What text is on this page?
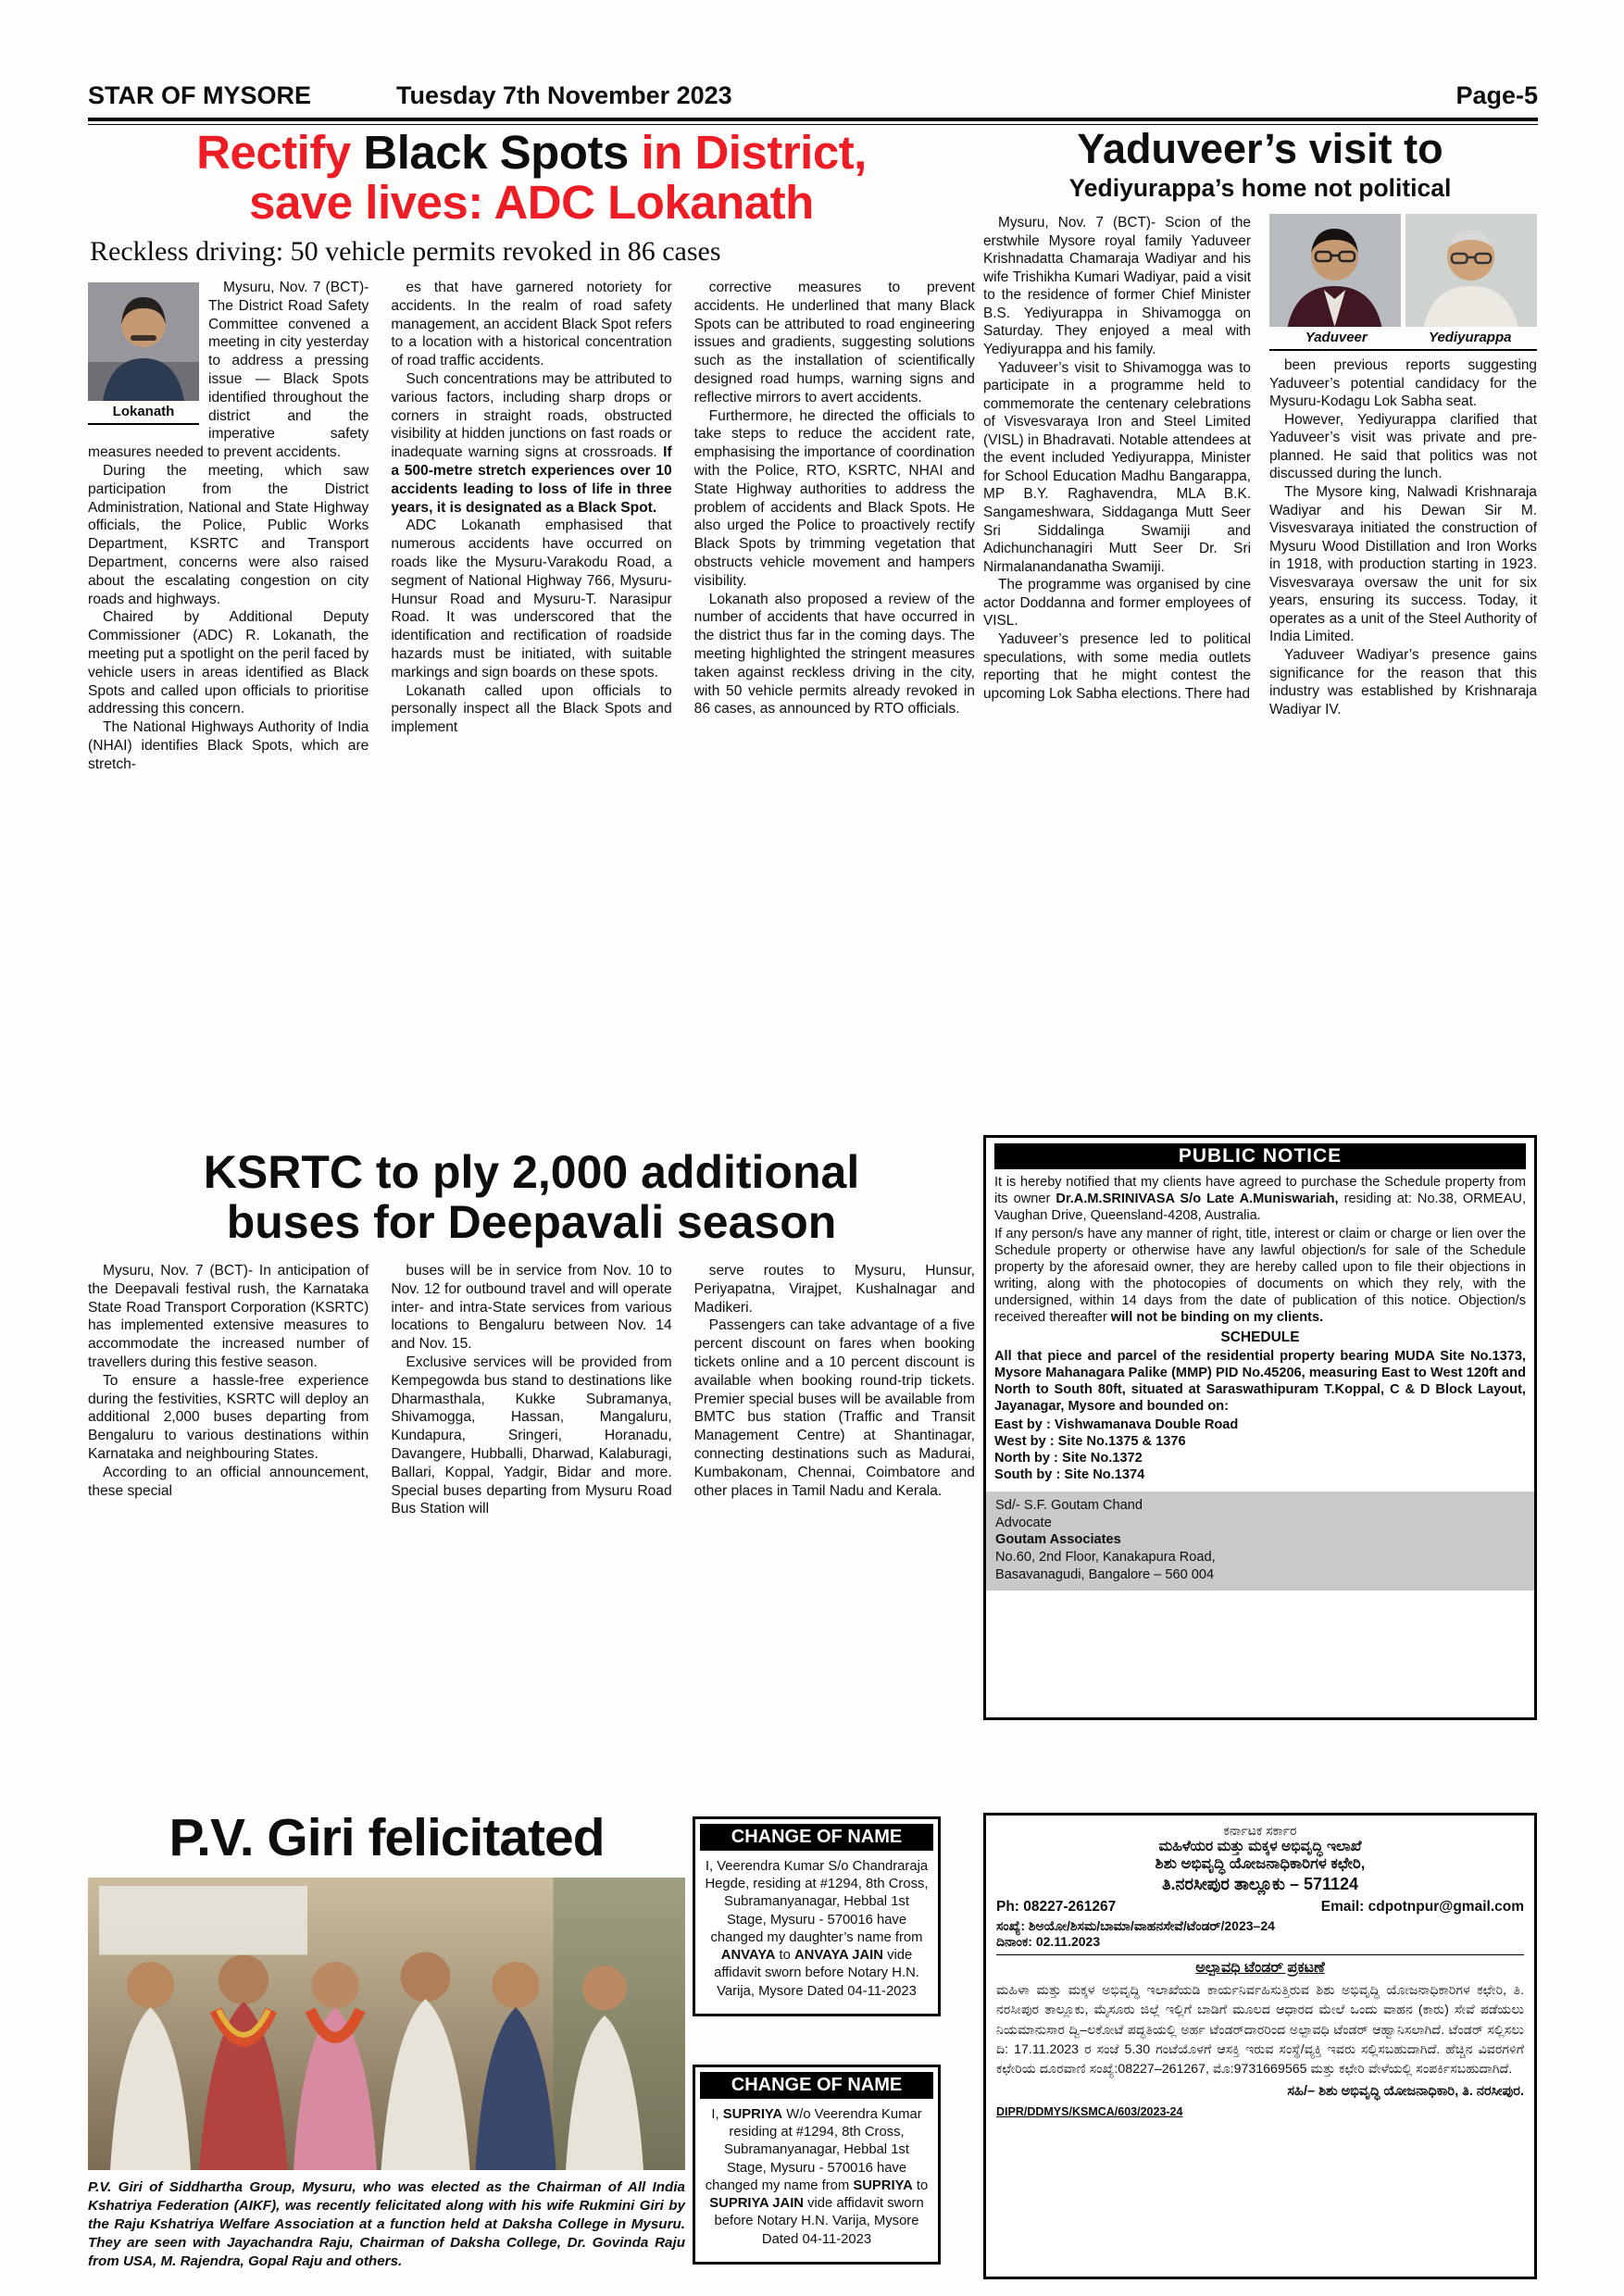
STAR OF MYSORE	Tuesday 7th November 2023	Page-5
Rectify Black Spots in District,
save lives: ADC Lokanath
Reckless driving: 50 vehicle permits revoked in 86 cases
Lokanath

Mysuru, Nov. 7 (BCT)- The District Road Safety Committee convened a meeting in city yesterday to address a pressing issue — Black Spots identified throughout the district and the imperative safety measures needed to prevent accidents.

During the meeting, which saw participation from the District Administration, National and State Highway officials, the Police, Public Works Department, KSRTC and Transport Department, concerns were also raised about the escalating congestion on city roads and highways.

Chaired by Additional Deputy Commissioner (ADC) R. Lokanath, the meeting put a spotlight on the peril faced by vehicle users in areas identified as Black Spots and called upon officials to prioritise addressing this concern.

The National Highways Authority of India (NHAI) identifies Black Spots, which are stretch-

es that have garnered notoriety for accidents. In the realm of road safety management, an accident Black Spot refers to a location with a historical concentration of road traffic accidents.

Such concentrations may be attributed to various factors, including sharp drops or corners in straight roads, obstructed visibility at hidden junctions on fast roads or inadequate warning signs at crossroads. If a 500-metre stretch experiences over 10 accidents leading to loss of life in three years, it is designated as a Black Spot.

ADC Lokanath emphasised that numerous accidents have occurred on roads like the Mysuru-Varakodu Road, a segment of National Highway 766, Mysuru-Hunsur Road and Mysuru-T. Narasipur Road. It was underscored that the identification and rectification of roadside hazards must be initiated, with suitable markings and sign boards on these spots.

Lokanath called upon officials to personally inspect all the Black Spots and implement

corrective measures to prevent accidents. He underlined that many Black Spots can be attributed to road engineering issues and gradients, suggesting solutions such as the installation of scientifically designed road humps, warning signs and reflective mirrors to avert accidents.

Furthermore, he directed the officials to take steps to reduce the accident rate, emphasising the importance of coordination with the Police, RTO, KSRTC, NHAI and State Highway authorities to address the problem of accidents and Black Spots. He also urged the Police to proactively rectify Black Spots by trimming vegetation that obstructs vehicle movement and hampers visibility.

Lokanath also proposed a review of the number of accidents that have occurred in the district thus far in the coming days. The meeting highlighted the stringent measures taken against reckless driving in the city, with 50 vehicle permits already revoked in 86 cases, as announced by RTO officials.

Yaduveer’s visit to
Yediyurappa’s home not political

Mysuru, Nov. 7 (BCT)- Scion of the erstwhile Mysore royal family Yaduveer Krishnadatta Chamaraja Wadiyar and his wife Trishikha Kumari Wadiyar, paid a visit to the residence of former Chief Minister B.S. Yediyurappa in Shivamogga on Saturday. They enjoyed a meal with Yediyurappa and his family.

Yaduveer’s visit to Shivamogga was to participate in a programme held to commemorate the centenary celebrations of Visvesvaraya Iron and Steel Limited (VISL) in Bhadravati. Notable attendees at the event included Yediyurappa, Minister for School Education Madhu Bangarappa, MP B.Y. Raghavendra, MLA B.K. Sangameshwara, Siddaganga Mutt Seer Sri Siddalinga Swamiji and Adichunchanagiri Mutt Seer Dr. Sri Nirmalanandanatha Swamiji.

The programme was organised by cine actor Doddanna and former employees of VISL.

Yaduveer’s presence led to political speculations, with some media outlets reporting that he might contest the upcoming Lok Sabha elections. There had

Yaduveer	Yediyurappa

been previous reports suggesting Yaduveer’s potential candidacy for the Mysuru-Kodagu Lok Sabha seat.

However, Yediyurappa clarified that Yaduveer’s visit was private and pre-planned. He said that politics was not discussed during the lunch.

The Mysore king, Nalwadi Krishnaraja Wadiyar and his Dewan Sir M. Visvesvaraya initiated the construction of Mysuru Wood Distillation and Iron Works in 1918, with production starting in 1923. Visvesvaraya oversaw the unit for six years, ensuring its success. Today, it operates as a unit of the Steel Authority of India Limited.

Yaduveer Wadiyar’s presence gains significance for the reason that this industry was established by Krishnaraja Wadiyar IV.

KSRTC to ply 2,000 additional
buses for Deepavali season

Mysuru, Nov. 7 (BCT)- In anticipation of the Deepavali festival rush, the Karnataka State Road Transport Corporation (KSRTC) has implemented extensive measures to accommodate the increased number of travellers during this festive season.

To ensure a hassle-free experience during the festivities, KSRTC will deploy an additional 2,000 buses departing from Bengaluru to various destinations within Karnataka and neighbouring States.

According to an official announcement, these special

buses will be in service from Nov. 10 to Nov. 12 for outbound travel and will operate inter- and intra-State services from various locations to Bengaluru between Nov. 14 and Nov. 15.

Exclusive services will be provided from Kempegowda bus stand to destinations like Dharmasthala, Kukke Subramanya, Shivamogga, Hassan, Mangaluru, Kundapura, Sringeri, Horanadu, Davangere, Hubballi, Dharwad, Kalaburagi, Ballari, Koppal, Yadgir, Bidar and more. Special buses departing from Mysuru Road Bus Station will

serve routes to Mysuru, Hunsur, Periyapatna, Virajpet, Kushalnagar and Madikeri.

Passengers can take advantage of a five percent discount on fares when booking tickets online and a 10 percent discount is available when booking round-trip tickets. Premier special buses will be available from BMTC bus station (Traffic and Transit Management Centre) at Shantinagar, connecting destinations such as Madurai, Kumbakonam, Chennai, Coimbatore and other places in Tamil Nadu and Kerala.

PUBLIC NOTICE

It is hereby notified that my clients have agreed to purchase the Schedule property from its owner Dr.A.M.SRINIVASA S/o Late A.Muniswariah, residing at: No.38, ORMEAU, Vaughan Drive, Queensland-4208, Australia.

If any person/s have any manner of right, title, interest or claim or charge or lien over the Schedule property or otherwise have any lawful objection/s for sale of the Schedule property by the aforesaid owner, they are hereby called upon to file their objections in writing, along with the photocopies of documents on which they rely, with the undersigned, within 14 days from the date of publication of this notice. Objection/s received thereafter will not be binding on my clients.

SCHEDULE

All that piece and parcel of the residential property bearing MUDA Site No.1373, Mysore Mahanagara Palike (MMP) PID No.45206, measuring East to West 120ft and North to South 80ft, situated at Saraswathipuram T.Koppal, C & D Block Layout, Jayanagar, Mysore and bounded on:

East by : Vishwamanava Double Road

West by : Site No.1375 & 1376

North by : Site No.1372

South by : Site No.1374

Sd/- S.F. Goutam Chand
Advocate
Goutam Associates
No.60, 2nd Floor, Kanakapura Road,
Basavanagudi, Bangalore – 560 004
P.V. Giri felicitated

P.V. Giri of Siddhartha Group, Mysuru, who was elected as the Chairman of All India Kshatriya Federation (AIKF), was recently felicitated along with his wife Rukmini Giri by the Raju Kshatriya Welfare Association at a function held at Daksha College in Mysuru. They are seen with Jayachandra Raju, Chairman of Daksha College, Dr. Govinda Raju from USA, M. Rajendra, Gopal Raju and others.

CHANGE OF NAME

I, Veerendra Kumar S/o Chandraraja Hegde, residing at #1294, 8th Cross, Subramanyanagar, Hebbal 1st Stage, Mysuru - 570016 have changed my daughter’s name from ANVAYA to ANVAYA JAIN vide affidavit sworn before Notary H.N. Varija, Mysore Dated 04-11-2023

CHANGE OF NAME

I, SUPRIYA W/o Veerendra Kumar residing at #1294, 8th Cross, Subramanyanagar, Hebbal 1st Stage, Mysuru - 570016 have changed my name from SUPRIYA to SUPRIYA JAIN vide affidavit sworn before Notary H.N. Varija, Mysore Dated 04-11-2023

ಕರ್ನಾಟಕ ಸರ್ಕಾರ
ಮಹಿಳೆಯರ ಮತ್ತು ಮಕ್ಕಳ ಅಭಿವೃದ್ಧಿ ಇಲಾಖೆ
ಶಿಶು ಅಭಿವೃದ್ಧಿ ಯೋಜನಾಧಿಕಾರಿಗಳ ಕಛೇರಿ,
ತಿ.ನರಸೀಪುರ ತಾಲ್ಲೂಕು – 571124
Ph: 08227-261267	Email: cdpotnpur@gmail.com
ಸಂಖ್ಯೆ: ಶಿಅಯೋ/ಶಿಸಮ/ಬಾಮಾ/ವಾಹನಸೇವೆ/ಟೆಂಡರ್/2023–24
ದಿನಾಂಕ: 02.11.2023
ಅಲ್ಪಾವಧಿ ಟೆಂಡರ್ ಪ್ರಕಟಣೆ

ಮಹಿಳಾ ಮತ್ತು ಮಕ್ಕಳ ಅಭಿವೃದ್ಧಿ ಇಲಾಖೆಯಡಿ ಕಾರ್ಯನಿರ್ವಹಿಸುತ್ತಿರುವ ಶಿಶು ಅಭಿವೃದ್ಧಿ ಯೋಜನಾಧಿಕಾರಿಗಳ ಕಛೇರಿ, ತಿ. ನರಸೀಪುರ ತಾಲ್ಲೂಕು, ಮೈಸೂರು ಜಿಲ್ಲೆ ಇಲ್ಲಿಗೆ ಬಾಡಿಗೆ ಮೂಲದ ಆಧಾರದ ಮೇಲೆ ಒಂದು ವಾಹನ (ಕಾರು) ಸೇವೆ ಪಡೆಯಲು ನಿಯಮಾನುಸಾರ ದ್ವಿ–ಲಕೋಟೆ ಪದ್ಧತಿಯಲ್ಲಿ ಅರ್ಹ ಟೆಂಡರ್‌ದಾರರಿಂದ ಅಲ್ಪಾವಧಿ ಟೆಂಡರ್ ಆಹ್ವಾನಿಸಲಾಗಿದೆ. ಟೆಂಡರ್ ಸಲ್ಲಿಸಲು ದಿ: 17.11.2023 ರ ಸಂಜೆ 5.30 ಗಂಟೆಯೊಳಗೆ ಆಸಕ್ತಿ ಇರುವ ಸಂಸ್ಥೆ/ವ್ಯಕ್ತಿ ಇವರು ಸಲ್ಲಿಸಬಹುದಾಗಿದೆ. ಹೆಚ್ಚಿನ ವಿವರಗಳಿಗೆ ಕಛೇರಿಯ ದೂರವಾಣಿ ಸಂಖ್ಯೆ:08227–261267, ಮೊ:9731669565 ಮತ್ತು ಕಛೇರಿ ವೇಳೆಯಲ್ಲಿ ಸಂಪರ್ಕಿಸಬಹುದಾಗಿದೆ.

ಸಹಿ/– ಶಿಶು ಅಭಿವೃದ್ಧಿ ಯೋಜನಾಧಿಕಾರಿ, ತಿ. ನರಸೀಪುರ.
DIPR/DDMYS/KSMCA/603/2023-24
